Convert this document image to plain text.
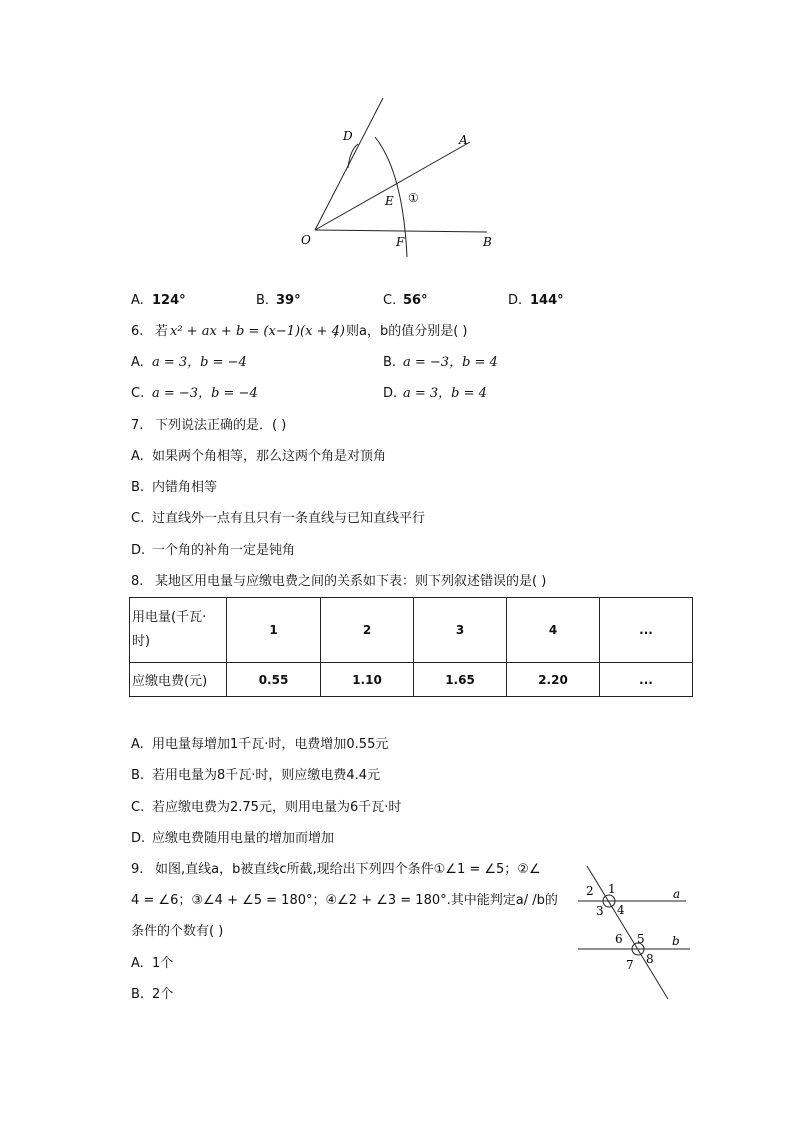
D	A
E ①
O	F	B
A. 124°	B. 39°	C. 56°	D. 144°
6. 若 x² + ax + b = (x−1)(x + 4)
，则a，b的值分别是( )
A. a = 3，b = −4	B. a = −3，b = 4
C. a = −3，b = −4	D. a = 3，b = 4
7. 下列说法正确的是．( )
A. 如果两个角相等，那么这两个角是对顶角
B. 内错角相等
C. 过直线外一点有且只有一条直线与已知直线平行
D. 一个角的补角一定是钝角
8. 某地区用电量与应缴电费之间的关系如下表：则下列叙述错误的是( )
用电量(千瓦·
时)	1	2	3	4	...
应缴电费(元)	0.55	1.10	1.65	2.20	...
A. 用电量每增加1千瓦·时，电费增加0.55元
B. 若用电量为8千瓦·时，则应缴电费4.4元
C. 若应缴电费为2.75元，则用电量为6千瓦·时
D. 应缴电费随用电量的增加而增加
9. 如图,直线a，b被直线c所截,现给出下列四个条件①∠1 = ∠5；②∠
4 = ∠6；③∠4 + ∠5 = 180°；④∠2 + ∠3 = 180°.其中能判定a/ /b的
条件的个数有( )
A. 1个
B. 2个
1
2
3 4
a
5
6
7 8
b
